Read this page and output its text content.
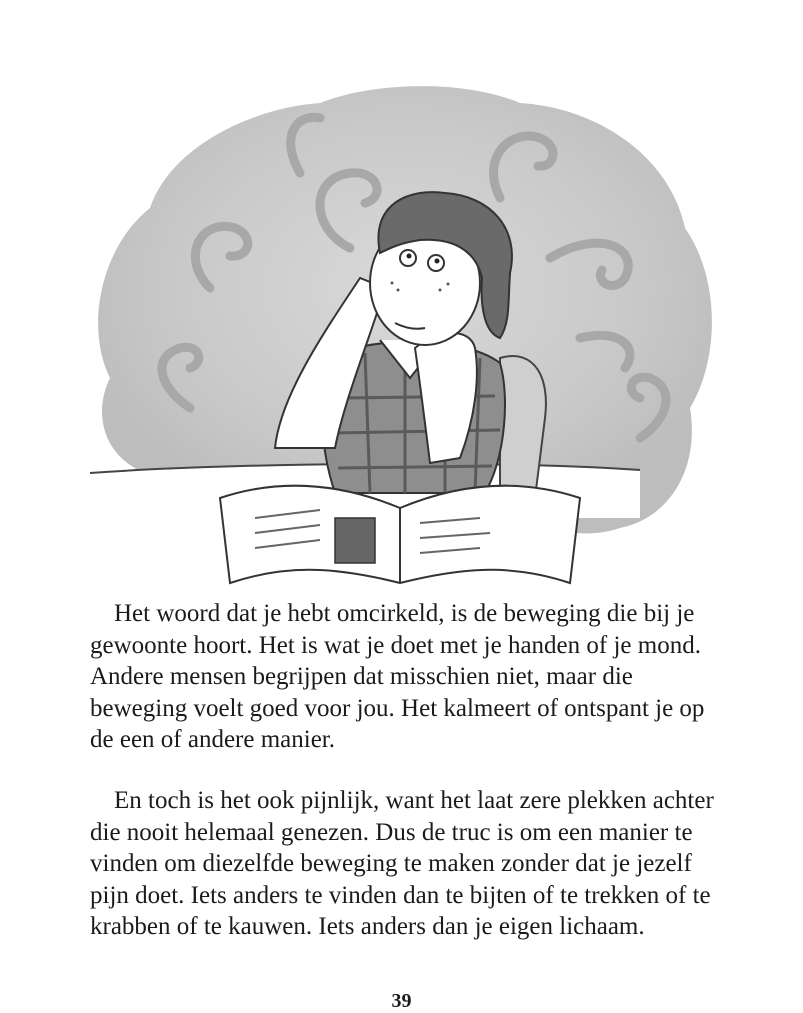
Het woord dat je hebt omcirkeld, is de beweging die bij je gewoonte hoort. Het is wat je doet met je handen of je mond. Andere mensen begrijpen dat misschien niet, maar die beweging voelt goed voor jou. Het kalmeert of ontspant je op de een of andere manier.

En toch is het ook pijnlijk, want het laat zere plekken achter die nooit helemaal genezen. Dus de truc is om een manier te vinden om diezelfde beweging te maken zonder dat je jezelf pijn doet. Iets anders te vinden dan te bijten of te trekken of te krabben of te kauwen. Iets anders dan je eigen lichaam.

39
